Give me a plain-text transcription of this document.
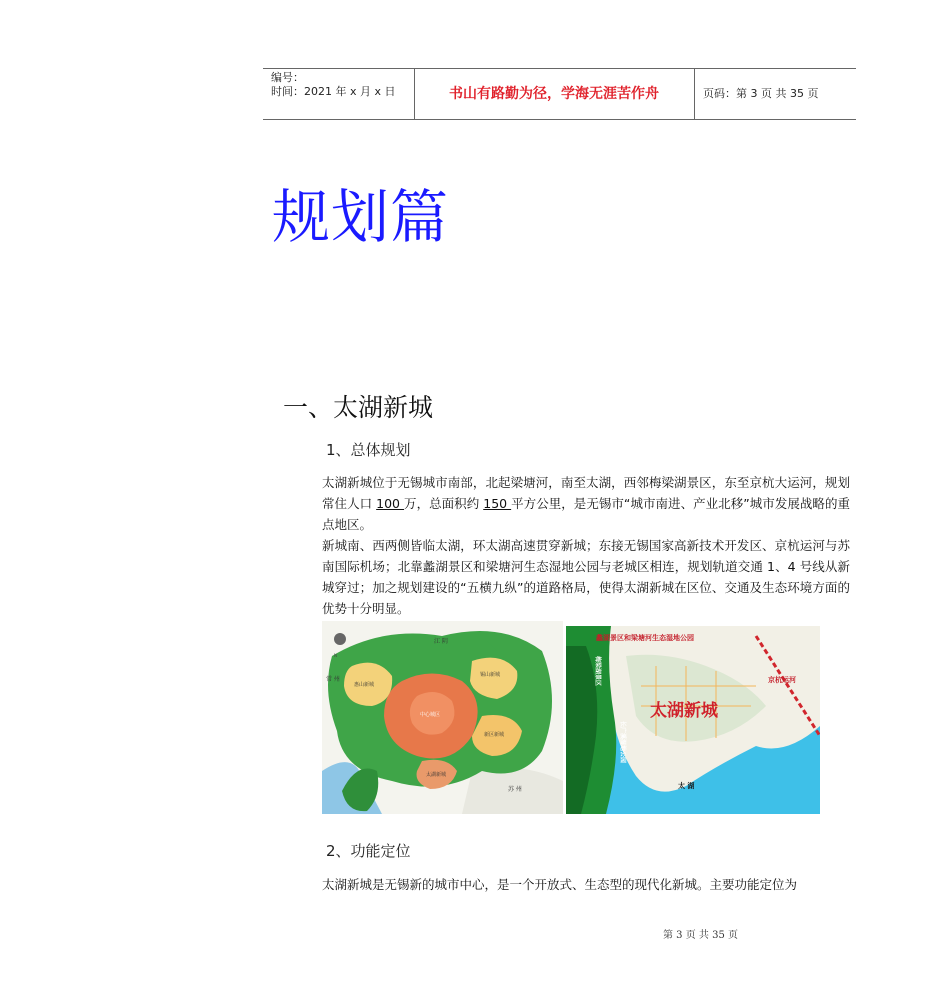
编号：
时间：2021 年 x 月 x 日	书山有路勤为径，学海无涯苦作舟	页码：第 3 页 共 35 页
规划篇
一、太湖新城
1、总体规划
太湖新城位于无锡城市南部，北起梁塘河，南至太湖，西邻梅梁湖景区，东至京杭大运河，规划常住人口 100 万，总面积约 150 平方公里，是无锡市“城市南进、产业北移”城市发展战略的重点地区。
新城南、西两侧皆临太湖，环太湖高速贯穿新城；东接无锡国家高新技术开发区、京杭运河与苏南国际机场；北靠蠡湖景区和梁塘河生态湿地公园与老城区相连，规划轨道交通 1、4 号线从新城穿过；加之规划建设的“五横九纵”的道路格局，使得太湖新城在区位、交通及生态环境方面的优势十分明显。
N
江 阴
常 州
苏 州
中心城区
锡山新城
惠山新城
太湖新城
新区新城
蠡湖景区和梁塘河生态湿地公园
京杭运河
太湖新城
太 湖
梅梁湖景区
长广溪湿地公园
2、功能定位
太湖新城是无锡新的城市中心，是一个开放式、生态型的现代化新城。主要功能定位为
第 3 页 共 35 页
